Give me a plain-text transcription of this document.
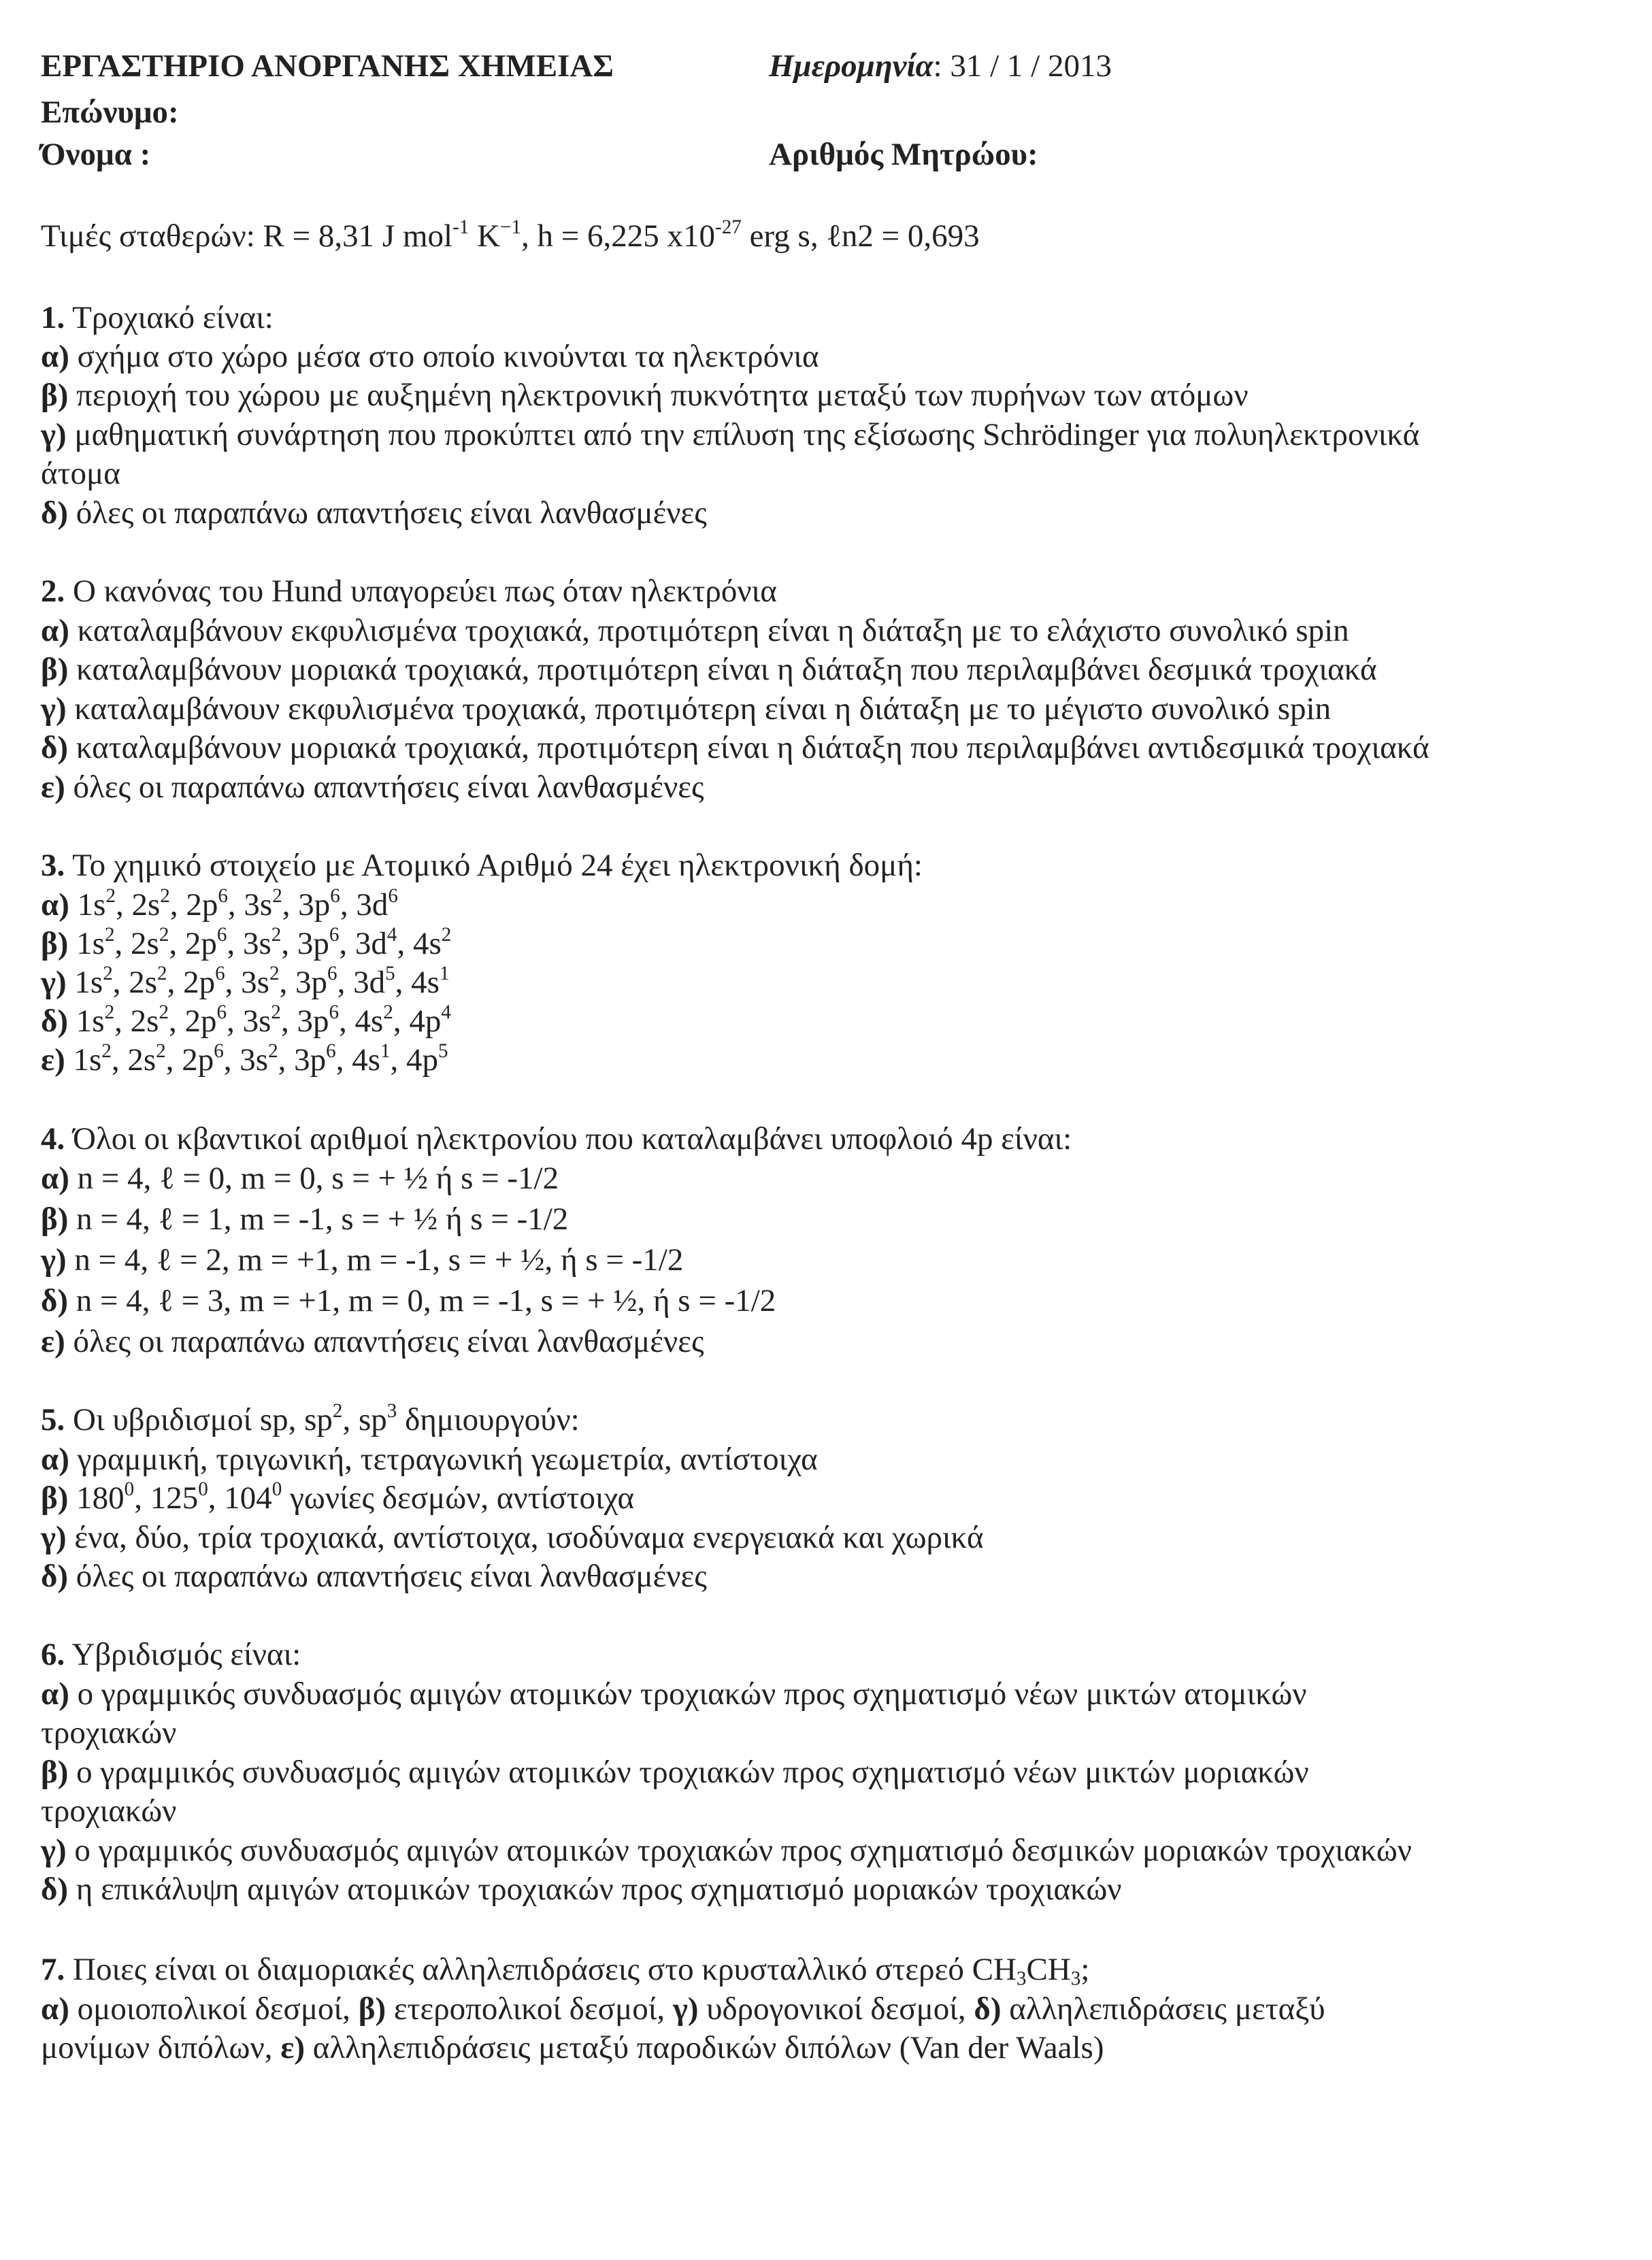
ΕΡΓΑΣΤΗΡΙΟ ΑΝΟΡΓΑΝΗΣ ΧΗΜΕΙΑΣ	Ημερομηνία: 31 / 1 / 2013
Επώνυμο:
Όνομα :	Αριθμός Μητρώου:
Τιμές σταθερών: R = 8,31 J mol$^{-1}$ $K^{-1}$, h = 6,225 $x10^{-27}$ erg s, ℓn2 = 0,693
1. Τροχιακό είναι:
α) σχήμα στο χώρο μέσα στο οποίο κινούνται τα ηλεκτρόνια
β) περιοχή του χώρου με αυξημένη ηλεκτρονική πυκνότητα μεταξύ των πυρήνων των ατόμων
γ) μαθηματική συνάρτηση που προκύπτει από την επίλυση της εξίσωσης Schrödinger για πολυηλεκτρονικά
άτομα
δ) όλες οι παραπάνω απαντήσεις είναι λανθασμένες
2. Ο κανόνας του Hund υπαγορεύει πως όταν ηλεκτρόνια
α) καταλαμβάνουν εκφυλισμένα τροχιακά, προτιμότερη είναι η διάταξη με το ελάχιστο συνολικό spin
β) καταλαμβάνουν μοριακά τροχιακά, προτιμότερη είναι η διάταξη που περιλαμβάνει δεσμικά τροχιακά
γ) καταλαμβάνουν εκφυλισμένα τροχιακά, προτιμότερη είναι η διάταξη με το μέγιστο συνολικό spin
δ) καταλαμβάνουν μοριακά τροχιακά, προτιμότερη είναι η διάταξη που περιλαμβάνει αντιδεσμικά τροχιακά
ε) όλες οι παραπάνω απαντήσεις είναι λανθασμένες
3. Το χημικό στοιχείο με Ατομικό Αριθμό 24 έχει ηλεκτρονική δομή:
α) $1s^2$, $2s^2$, $2p^6$, $3s^2$, $3p^6$, $3d^6$
β) $1s^2$, $2s^2$, $2p^6$, $3s^2$, $3p^6$, $3d^4$, $4s^2$
γ) $1s^2$, $2s^2$, $2p^6$, $3s^2$, $3p^6$, $3d^5$, $4s^1$
δ) $1s^2$, $2s^2$, $2p^6$, $3s^2$, $3p^6$, $4s^2$, $4p^4$
ε) $1s^2$, $2s^2$, $2p^6$, $3s^2$, $3p^6$, $4s^1$, $4p^5$
4. Όλοι οι κβαντικοί αριθμοί ηλεκτρονίου που καταλαμβάνει υποφλοιό 4p είναι:
α) n = 4, ℓ = 0, m = 0, s = + ½ ή s = -1/2
β) n = 4, ℓ = 1, m = -1, s = + ½ ή s = -1/2
γ) n = 4, ℓ = 2, m = +1, m = -1, s = + ½, ή s = -1/2
δ) n = 4, ℓ = 3, m = +1, m = 0, m = -1, s = + ½, ή s = -1/2
ε) όλες οι παραπάνω απαντήσεις είναι λανθασμένες
5. Οι υβριδισμοί sp, $sp^2$, $sp^3$ δημιουργούν:
α) γραμμική, τριγωνική, τετραγωνική γεωμετρία, αντίστοιχα
β) $180^0$, $125^0$, $104^0$ γωνίες δεσμών, αντίστοιχα
γ) ένα, δύο, τρία τροχιακά, αντίστοιχα, ισοδύναμα ενεργειακά και χωρικά
δ) όλες οι παραπάνω απαντήσεις είναι λανθασμένες
6. Υβριδισμός είναι:
α) ο γραμμικός συνδυασμός αμιγών ατομικών τροχιακών προς σχηματισμό νέων μικτών ατομικών
τροχιακών
β) ο γραμμικός συνδυασμός αμιγών ατομικών τροχιακών προς σχηματισμό νέων μικτών μοριακών
τροχιακών
γ) ο γραμμικός συνδυασμός αμιγών ατομικών τροχιακών προς σχηματισμό δεσμικών μοριακών τροχιακών
δ) η επικάλυψη αμιγών ατομικών τροχιακών προς σχηματισμό μοριακών τροχιακών
7. Ποιες είναι οι διαμοριακές αλληλεπιδράσεις στο κρυσταλλικό στερεό $CH_3CH_3$;
α) ομοιοπολικοί δεσμοί, β) ετεροπολικοί δεσμοί, γ) υδρογονικοί δεσμοί, δ) αλληλεπιδράσεις μεταξύ
μονίμων διπόλων, ε) αλληλεπιδράσεις μεταξύ παροδικών διπόλων (Van der Waals)
